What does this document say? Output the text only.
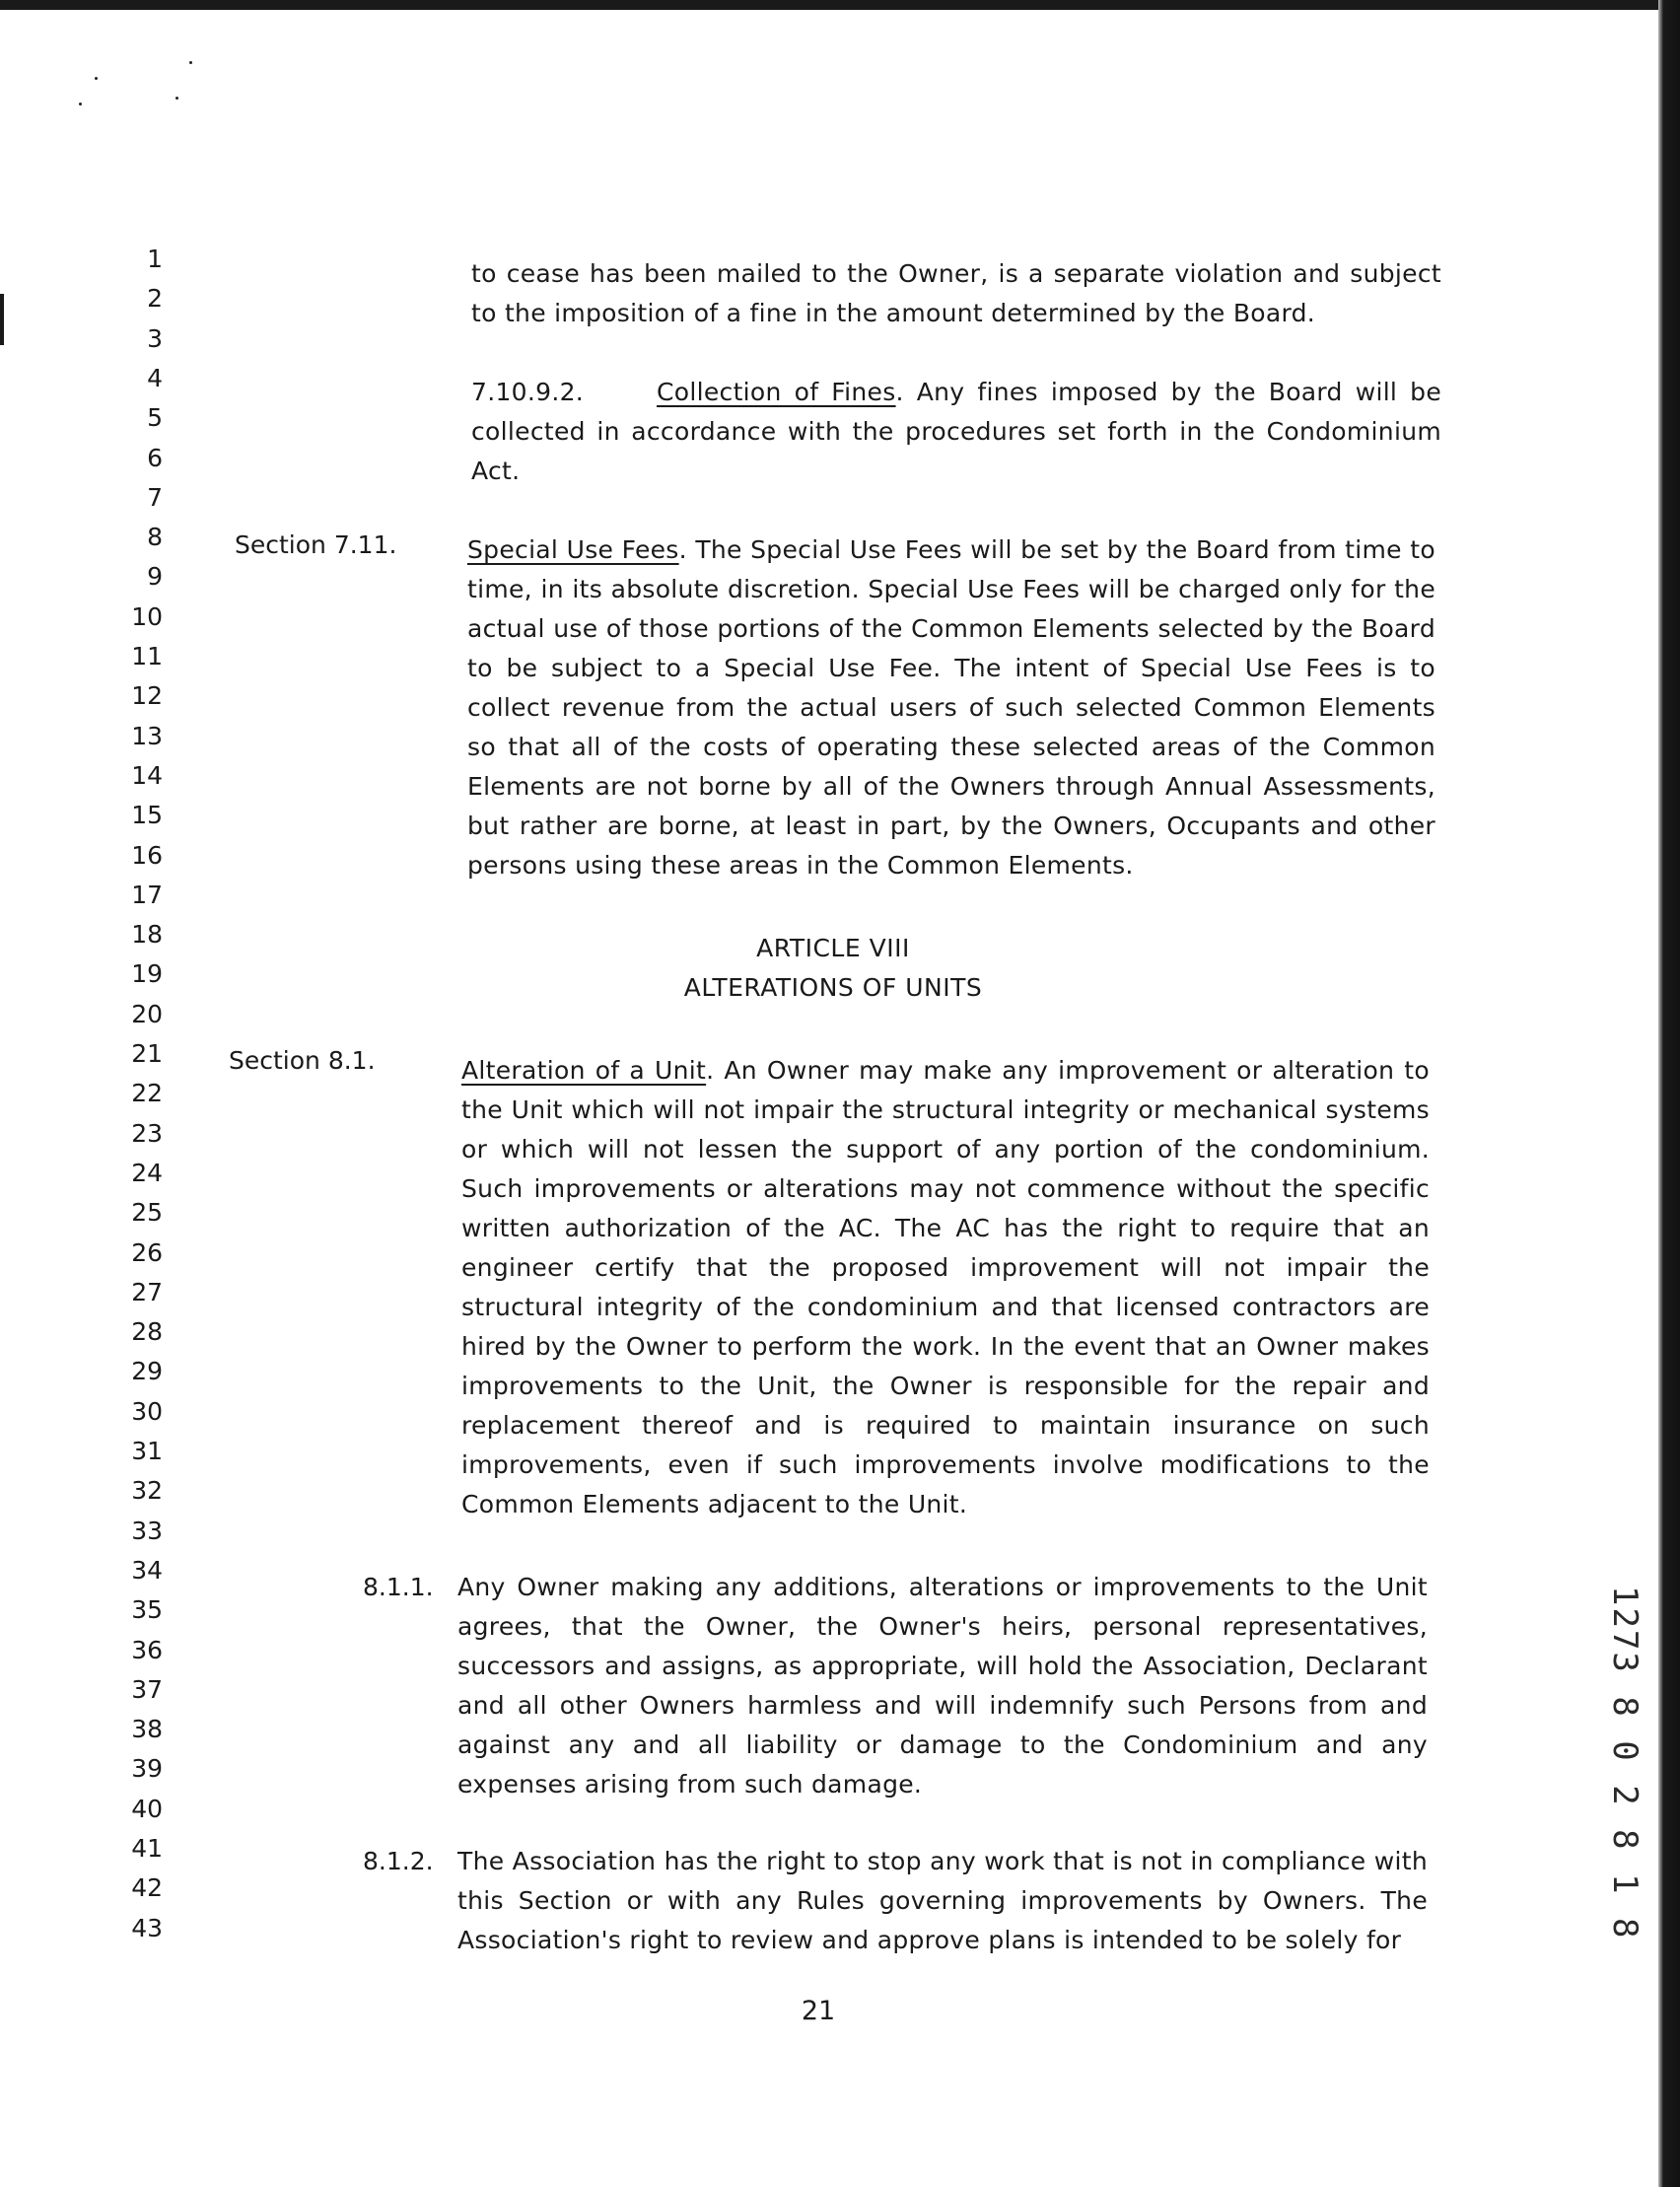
1
2
3
4
5
6
7
8
9
10
11
12
13
14
15
16
17
18
19
20
21
22
23
24
25
26
27
28
29
30
31
32
33
34
35
36
37
38
39
40
41
42
43
to cease has been mailed to the Owner, is a separate violation and subject to the imposition of a fine in the amount determined by the Board.
7.10.9.2.	Collection of Fines. Any fines imposed by the Board will be collected in accordance with the procedures set forth in the Condominium Act.
Section 7.11.	Special Use Fees. The Special Use Fees will be set by the Board from time to time, in its absolute discretion. Special Use Fees will be charged only for the actual use of those portions of the Common Elements selected by the Board to be subject to a Special Use Fee. The intent of Special Use Fees is to collect revenue from the actual users of such selected Common Elements so that all of the costs of operating these selected areas of the Common Elements are not borne by all of the Owners through Annual Assessments, but rather are borne, at least in part, by the Owners, Occupants and other persons using these areas in the Common Elements.
ARTICLE VIII
ALTERATIONS OF UNITS
Section 8.1.	Alteration of a Unit. An Owner may make any improvement or alteration to the Unit which will not impair the structural integrity or mechanical systems or which will not lessen the support of any portion of the condominium. Such improvements or alterations may not commence without the specific written authorization of the AC. The AC has the right to require that an engineer certify that the proposed improvement will not impair the structural integrity of the condominium and that licensed contractors are hired by the Owner to perform the work. In the event that an Owner makes improvements to the Unit, the Owner is responsible for the repair and replacement thereof and is required to maintain insurance on such improvements, even if such improvements involve modifications to the Common Elements adjacent to the Unit.
8.1.1. Any Owner making any additions, alterations or improvements to the Unit agrees, that the Owner, the Owner's heirs, personal representatives, successors and assigns, as appropriate, will hold the Association, Declarant and all other Owners harmless and will indemnify such Persons from and against any and all liability or damage to the Condominium and any expenses arising from such damage.
8.1.2. The Association has the right to stop any work that is not in compliance with this Section or with any Rules governing improvements by Owners. The Association's right to review and approve plans is intended to be solely for
21
1273 8 0 2 8 1 8
